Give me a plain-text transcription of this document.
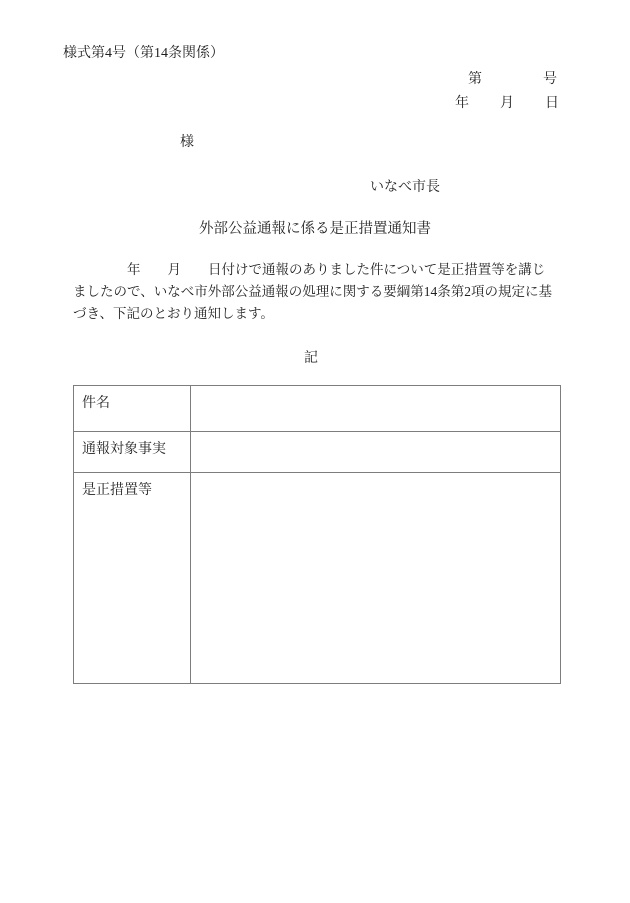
様式第4号（第14条関係）
第　　　　号
年　　月　　日
様
いなべ市長
外部公益通報に係る是正措置通知書
　　　　年　　月　　日付けで通報のありました件について是正措置等を講じ
ましたので、いなべ市外部公益通報の処理に関する要綱第14条第2項の規定に基
づき、下記のとおり通知します。
記
件名	
通報対象事実	
是正措置等	
